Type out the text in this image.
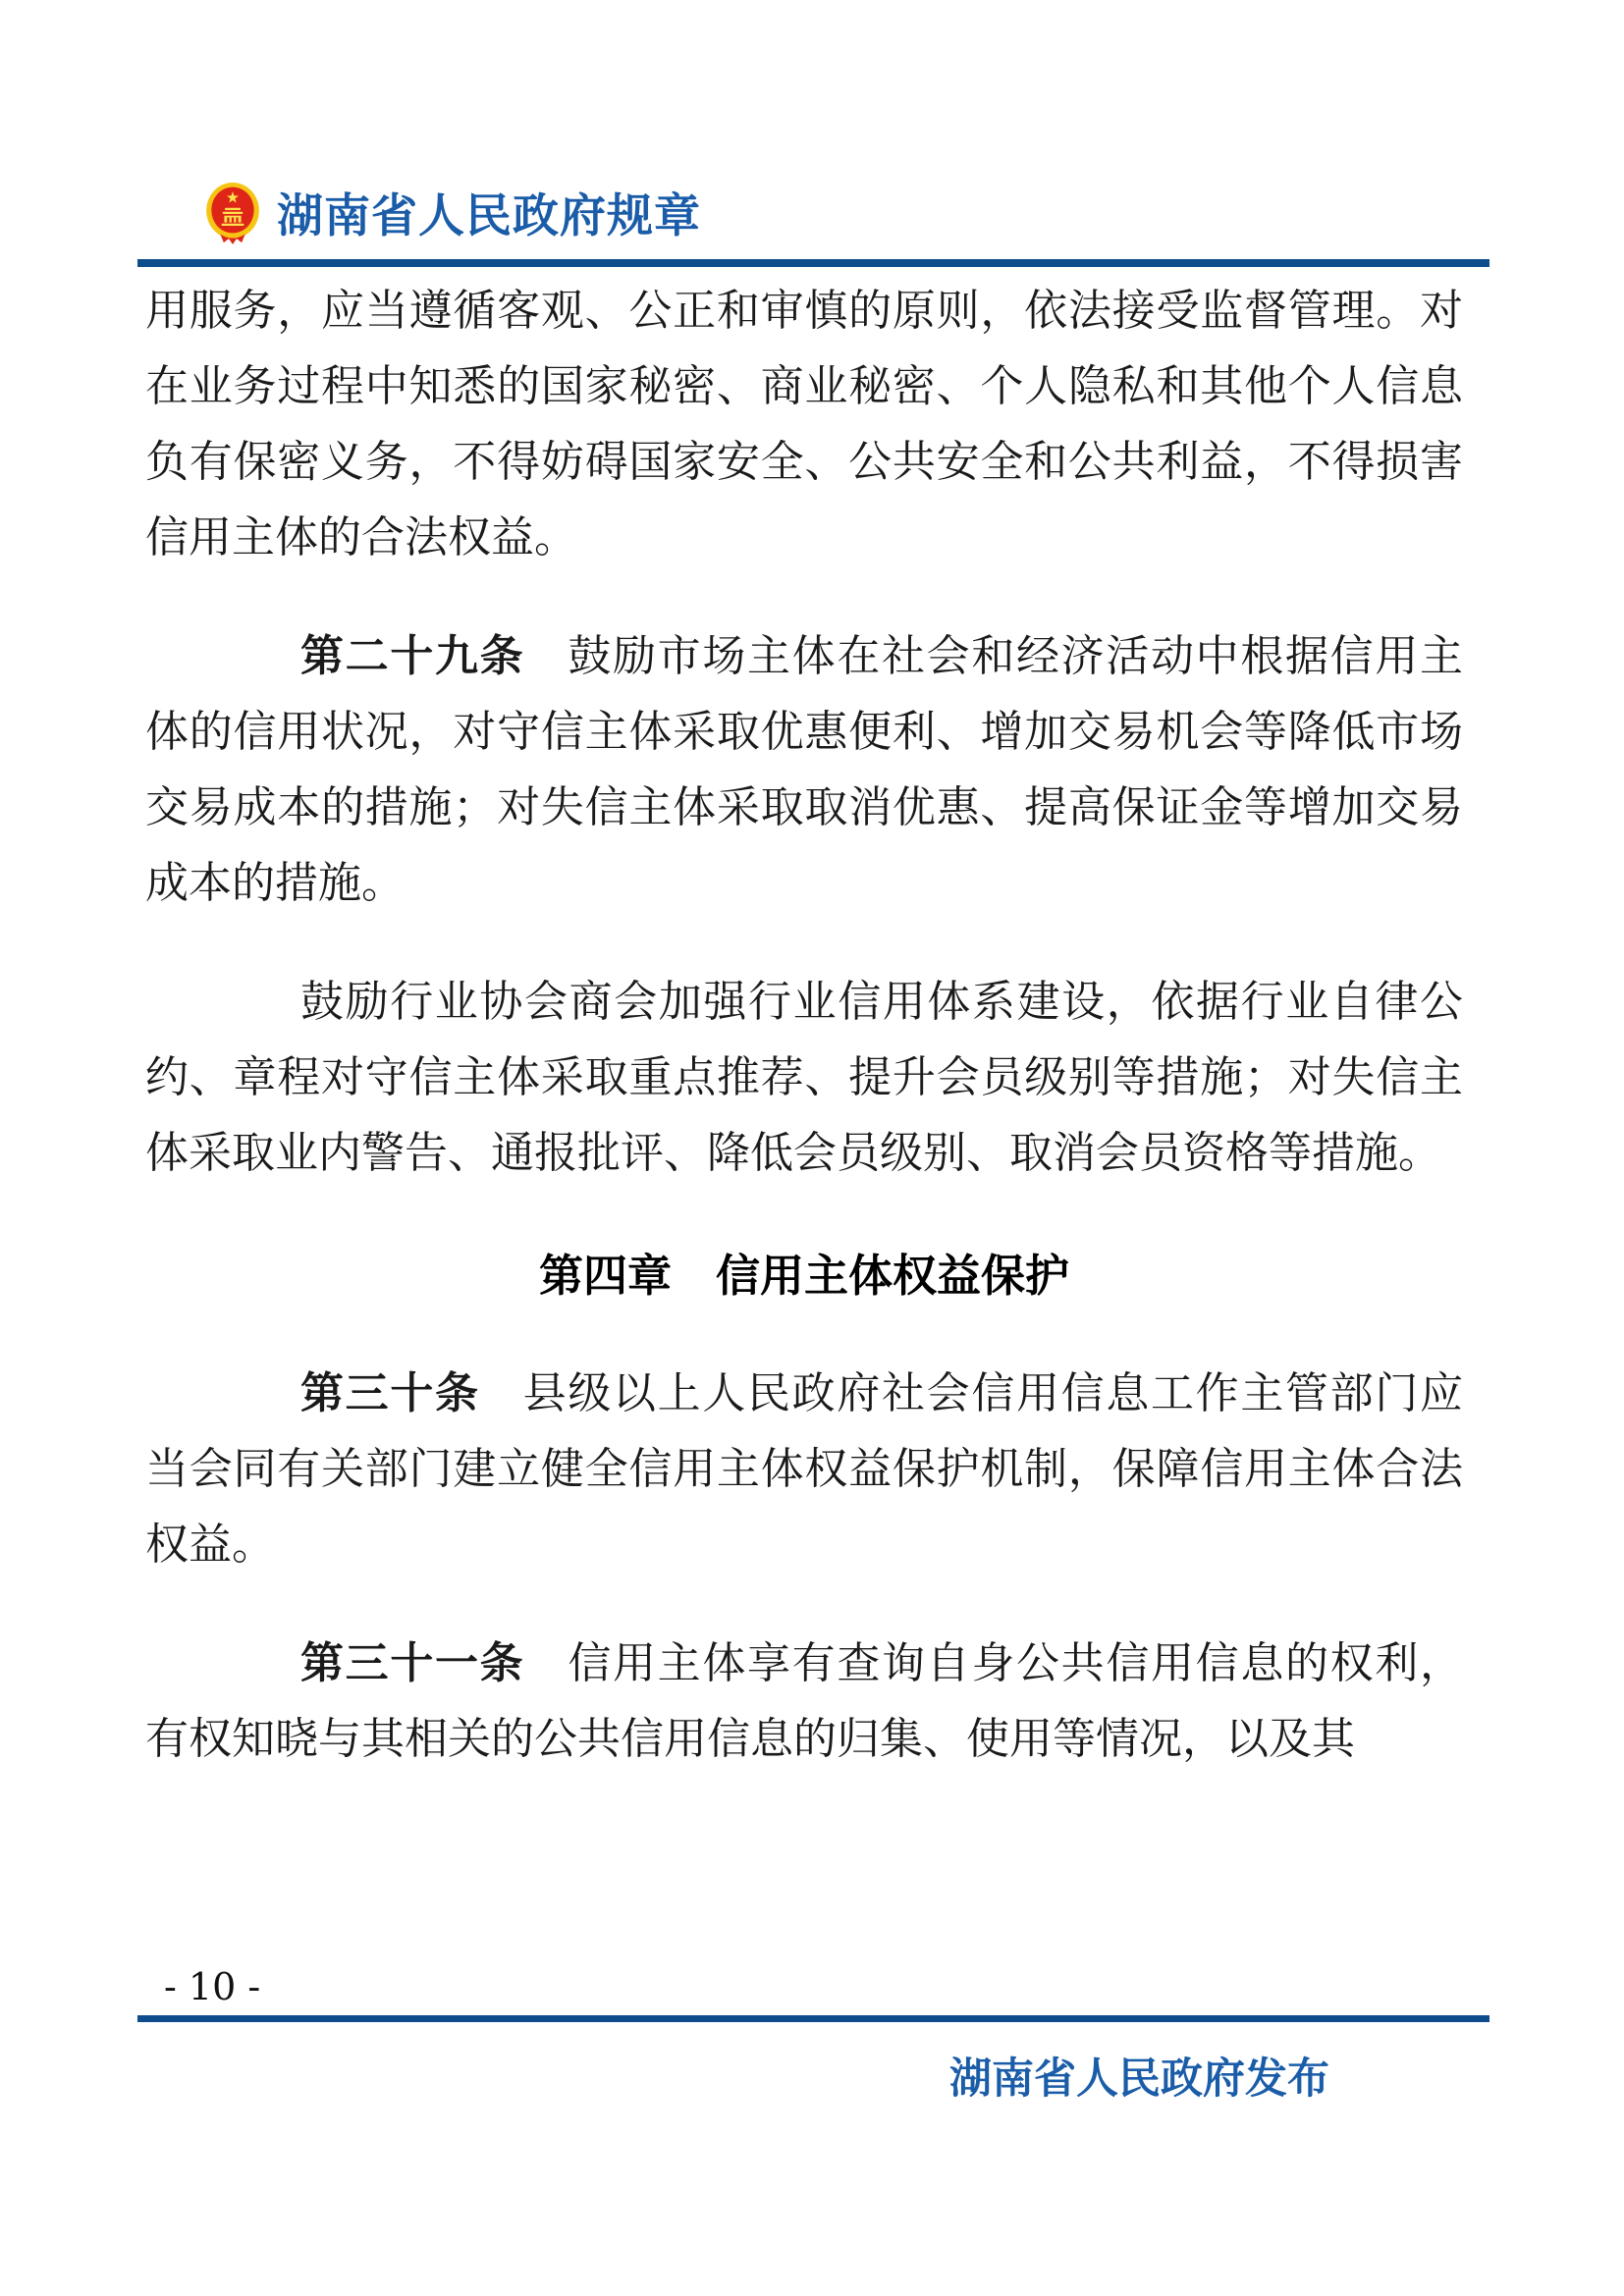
湖南省人民政府规章

用服务，应当遵循客观、公正和审慎的原则，依法接受监督管理。对在业务过程中知悉的国家秘密、商业秘密、个人隐私和其他个人信息负有保密义务，不得妨碍国家安全、公共安全和公共利益，不得损害信用主体的合法权益。

第二十九条 鼓励市场主体在社会和经济活动中根据信用主体的信用状况，对守信主体采取优惠便利、增加交易机会等降低市场交易成本的措施；对失信主体采取取消优惠、提高保证金等增加交易成本的措施。

鼓励行业协会商会加强行业信用体系建设，依据行业自律公约、章程对守信主体采取重点推荐、提升会员级别等措施；对失信主体采取业内警告、通报批评、降低会员级别、取消会员资格等措施。

第四章　信用主体权益保护

第三十条 县级以上人民政府社会信用信息工作主管部门应当会同有关部门建立健全信用主体权益保护机制，保障信用主体合法权益。

第三十一条 信用主体享有查询自身公共信用信息的权利，有权知晓与其相关的公共信用信息的归集、使用等情况，以及其

- 10 -
湖南省人民政府发布
